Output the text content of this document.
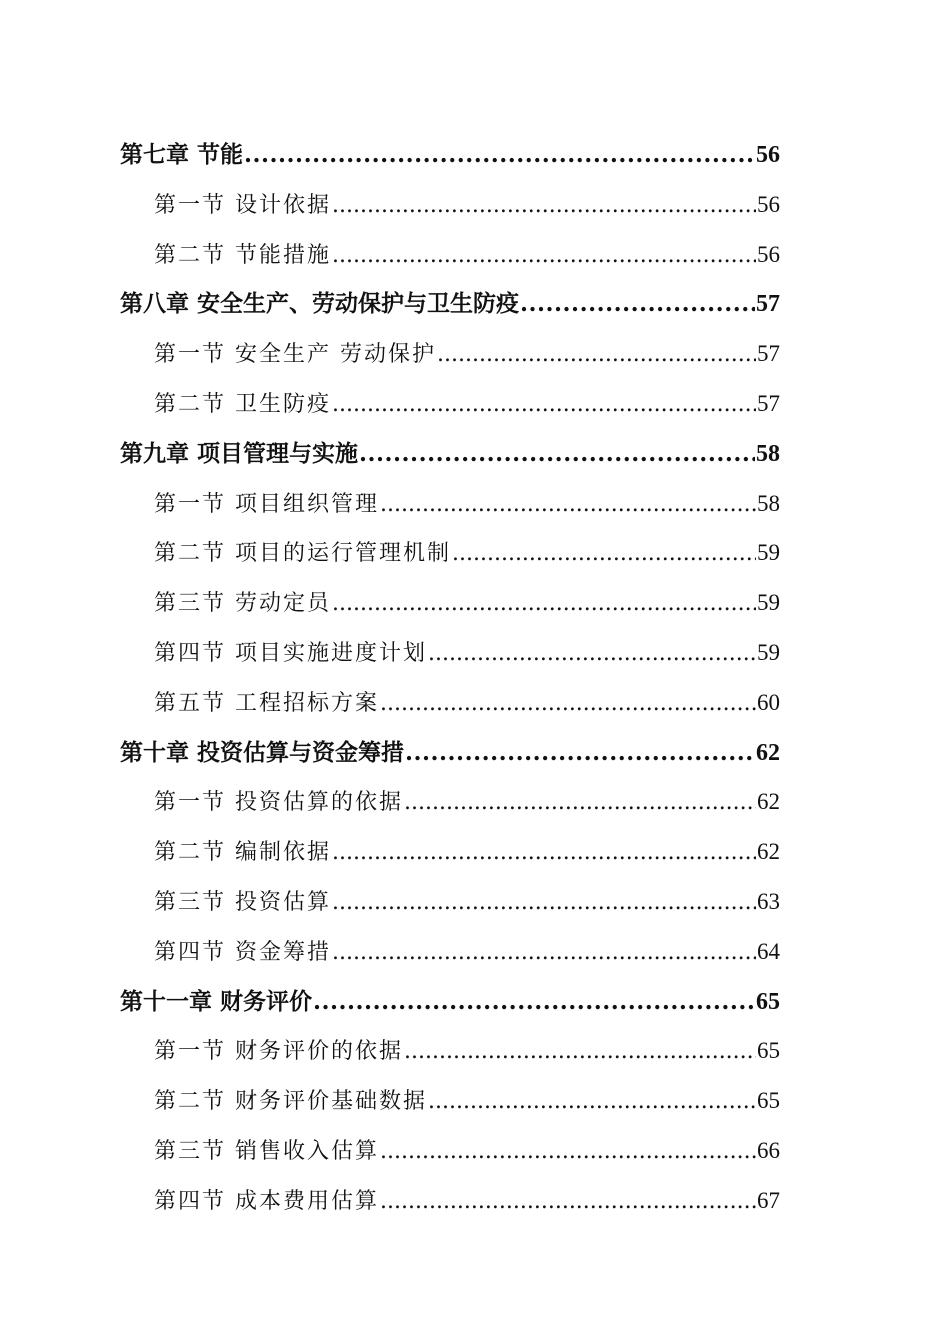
第七章 节能 .....	56
第一节 设计依据 .....	56
第二节 节能措施 .....	56
第八章 安全生产、劳动保护与卫生防疫 .....	57
第一节 安全生产 劳动保护 .....	57
第二节 卫生防疫 .....	57
第九章 项目管理与实施 .....	58
第一节 项目组织管理 .....	58
第二节 项目的运行管理机制 .....	59
第三节 劳动定员 .....	59
第四节 项目实施进度计划 .....	59
第五节 工程招标方案 .....	60
第十章 投资估算与资金筹措 .....	62
第一节 投资估算的依据 .....	62
第二节 编制依据 .....	62
第三节 投资估算 .....	63
第四节 资金筹措 .....	64
第十一章 财务评价 .....	65
第一节 财务评价的依据 .....	65
第二节 财务评价基础数据 .....	65
第三节 销售收入估算 .....	66
第四节 成本费用估算 .....	67
